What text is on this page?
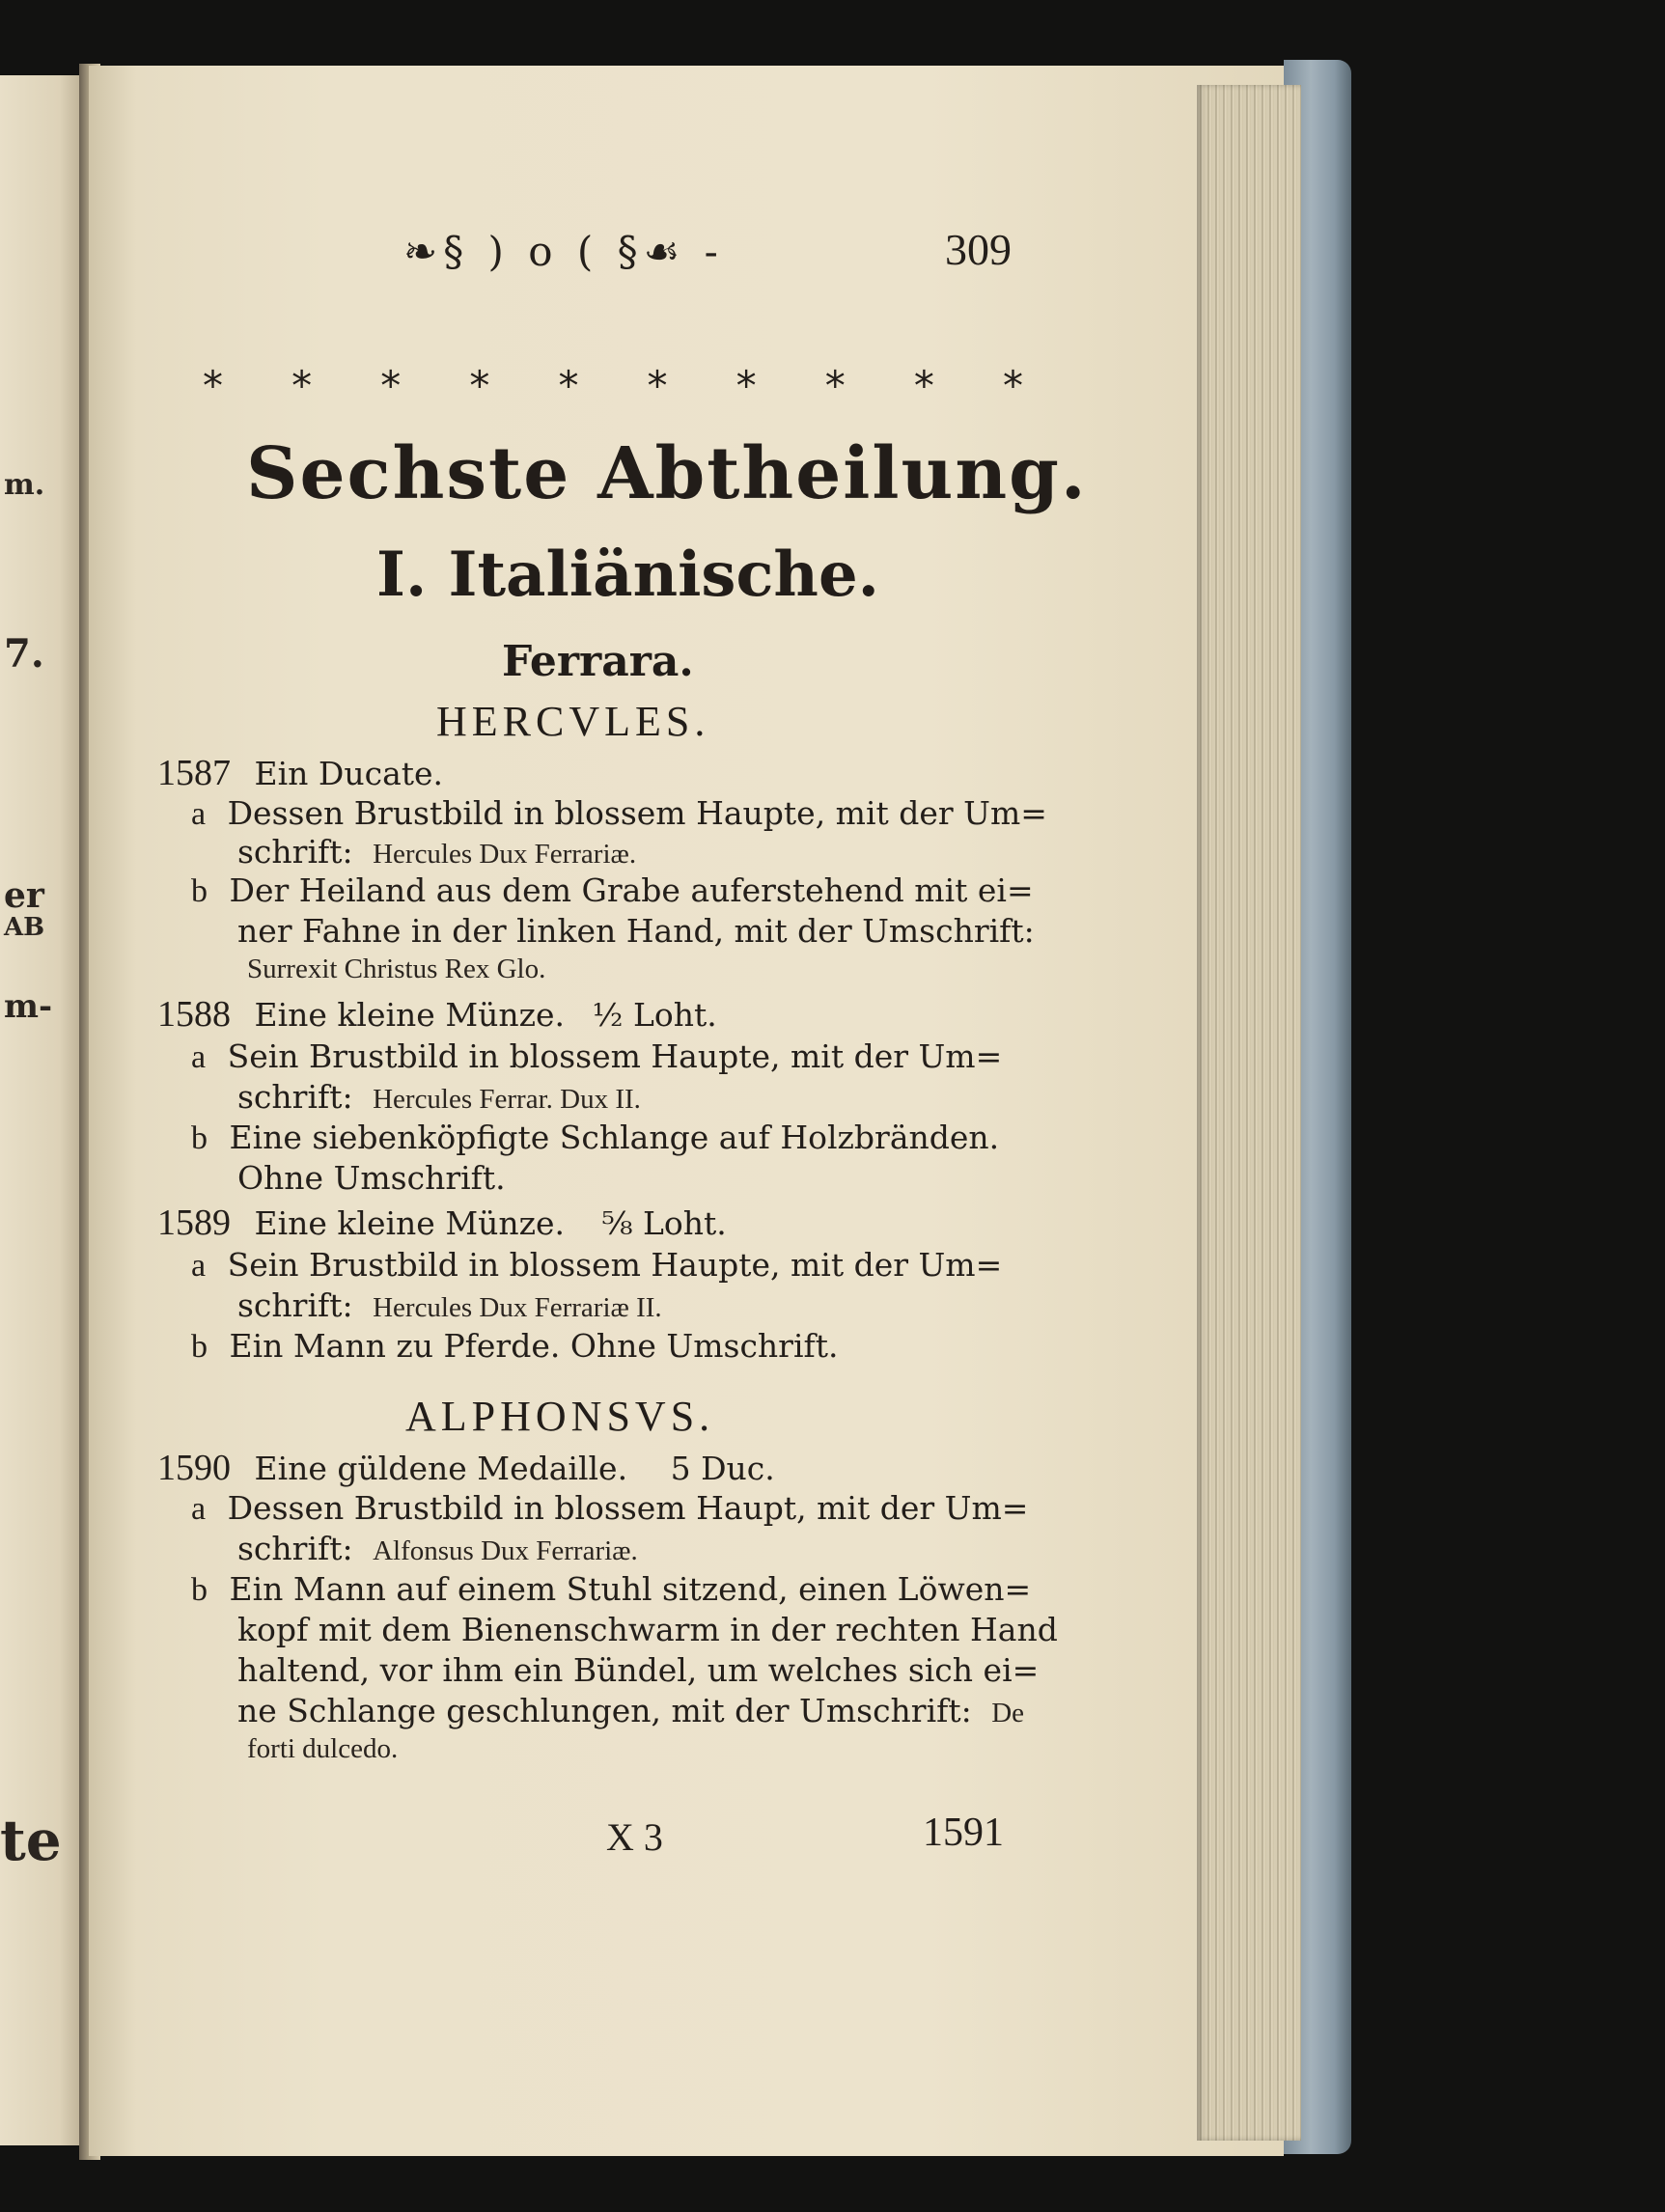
m.
7.
er
AB
m-
te
❧§ ) o ( §☙ -	309
* * * * * * * * * *
Sechste Abtheilung.
I. Italiänische.
Ferrara.
HERCVLES.
1587 Ein Ducate.
a Dessen Brustbild in blossem Haupte, mit der Um=
schrift: Hercules Dux Ferrariæ.
b Der Heiland aus dem Grabe auferstehend mit ei=
ner Fahne in der linken Hand, mit der Umschrift:
Surrexit Christus Rex Glo.
1588 Eine kleine Münze. ½ Loht.
a Sein Brustbild in blossem Haupte, mit der Um=
schrift: Hercules Ferrar. Dux II.
b Eine siebenköpfigte Schlange auf Holzbränden.
Ohne Umschrift.
1589 Eine kleine Münze. ⅝ Loht.
a Sein Brustbild in blossem Haupte, mit der Um=
schrift: Hercules Dux Ferrariæ II.
b Ein Mann zu Pferde. Ohne Umschrift.
ALPHONSVS.
1590 Eine güldene Medaille. 5 Duc.
a Dessen Brustbild in blossem Haupt, mit der Um=
schrift: Alfonsus Dux Ferrariæ.
b Ein Mann auf einem Stuhl sitzend, einen Löwen=
kopf mit dem Bienenschwarm in der rechten Hand
haltend, vor ihm ein Bündel, um welches sich ei=
ne Schlange geschlungen, mit der Umschrift: De
forti dulcedo.
X 3	1591
